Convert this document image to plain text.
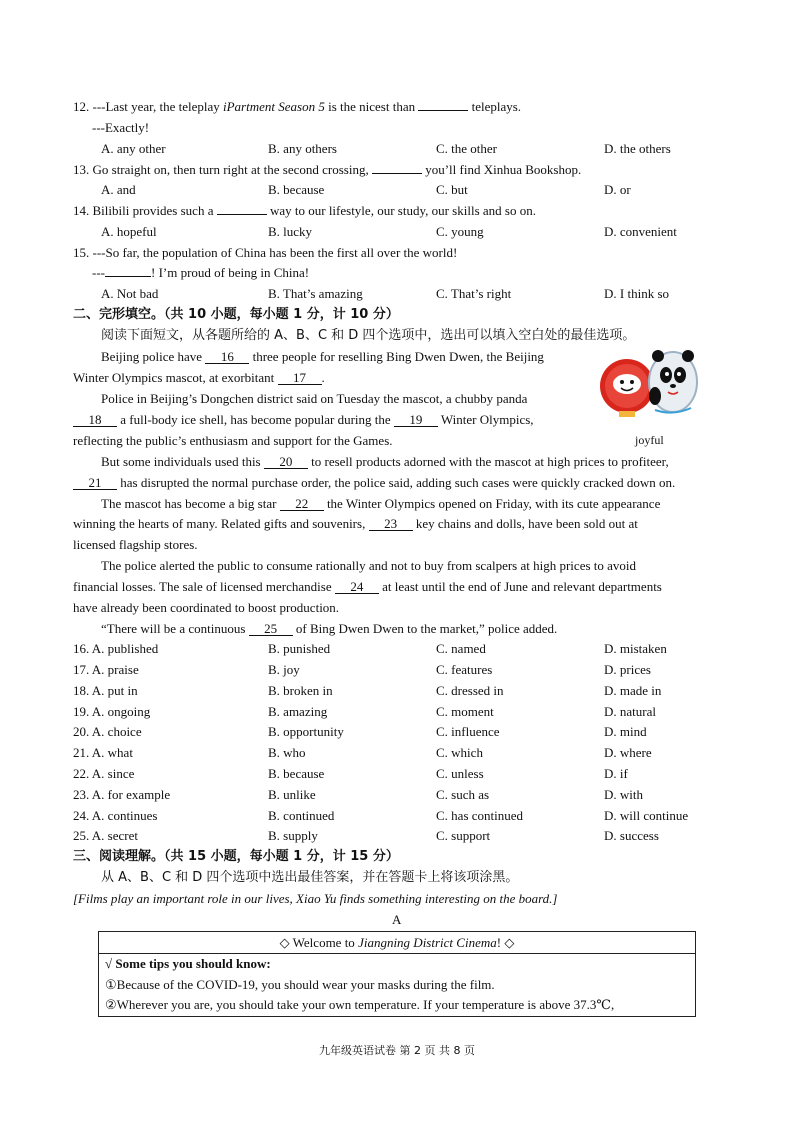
12. ---Last year, the teleplay iPartment Season 5 is the nicest than	teleplays.
---Exactly!
A. any other	B. any others	C. the other	D. the others
13. Go straight on, then turn right at the second crossing,	you’ll find Xinhua Bookshop.
A. and	B. because	C. but	D. or
14. Bilibili provides such a	way to our lifestyle, our study, our skills and so on.
A. hopeful	B. lucky	C. young	D. convenient
15. ---So far, the population of China has been the first all over the world!
---	! I’m proud of being in China!
A. Not bad	B. That’s amazing	C. That’s right	D. I think so
二、完形填空。（共 10 小题，每小题 1 分，计 10 分）
阅读下面短文，从各题所给的 A、B、C 和 D 四个选项中，选出可以填入空白处的最佳选项。
Beijing police have 16 three people for reselling Bing Dwen Dwen, the Beijing
Winter Olympics mascot, at exorbitant 17 .
Police in Beijing’s Dongchen district said on Tuesday the mascot, a chubby panda
18 a full-body ice shell, has become popular during the 19 Winter Olympics,
reflecting the public’s enthusiasm and support for the Games.	joyful
But some individuals used this 20 to resell products adorned with the mascot at high prices to profiteer,
21 has disrupted the normal purchase order, the police said, adding such cases were quickly cracked down on.
The mascot has become a big star 22 the Winter Olympics opened on Friday, with its cute appearance
winning the hearts of many. Related gifts and souvenirs, 23 key chains and dolls, have been sold out at
licensed flagship stores.
The police alerted the public to consume rationally and not to buy from scalpers at high prices to avoid
financial losses. The sale of licensed merchandise 24 at least until the end of June and relevant departments
have already been coordinated to boost production.
“There will be a continuous 25 of Bing Dwen Dwen to the market,” police added.
16. A. published	B. punished	C. named	D. mistaken
17. A. praise	B. joy	C. features	D. prices
18. A. put in	B. broken in	C. dressed in	D. made in
19. A. ongoing	B. amazing	C. moment	D. natural
20. A. choice	B. opportunity	C. influence	D. mind
21. A. what	B. who	C. which	D. where
22. A. since	B. because	C. unless	D. if
23. A. for example	B. unlike	C. such as	D. with
24. A. continues	B. continued	C. has continued	D. will continue
25. A. secret	B. supply	C. support	D. success
三、阅读理解。（共 15 小题，每小题 1 分，计 15 分）
从 A、B、C 和 D 四个选项中选出最佳答案，并在答题卡上将该项涂黑。
[Films play an important role in our lives, Xiao Yu finds something interesting on the board.]
A
◇ Welcome to Jiangning District Cinema! ◇
√ Some tips you should know:
①Because of the COVID-19, you should wear your masks during the film.
②Wherever you are, you should take your own temperature. If your temperature is above 37.3℃,
九年级英语试卷 第 2 页 共 8 页
